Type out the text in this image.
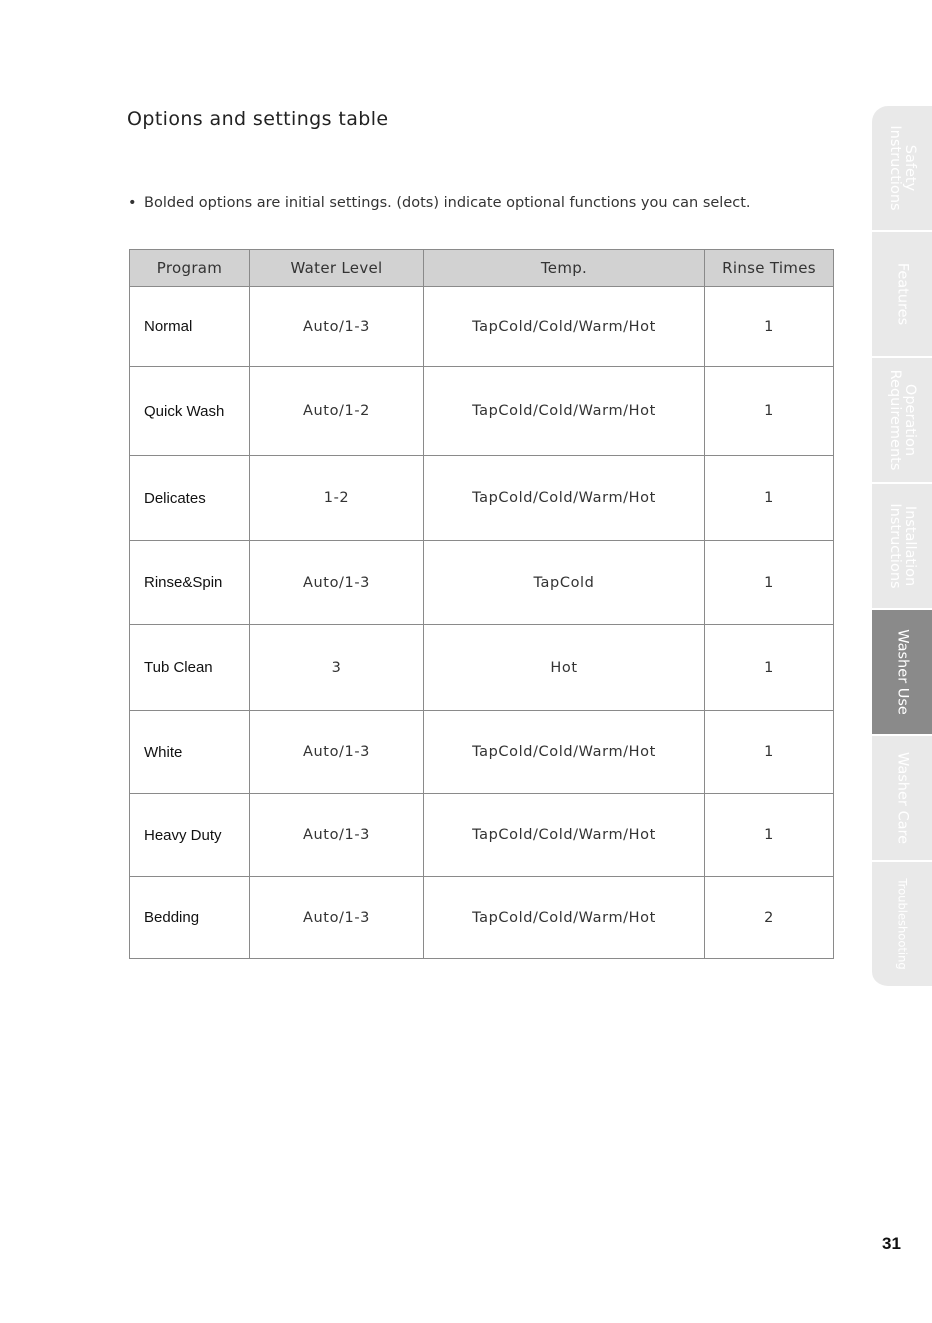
Options and settings table
• Bolded options are initial settings. (dots) indicate optional functions you can select.
Program	Water Level	Temp.	Rinse Times
Normal	Auto/1-3	TapCold/Cold/Warm/Hot	1
Quick Wash	Auto/1-2	TapCold/Cold/Warm/Hot	1
Delicates	1-2	TapCold/Cold/Warm/Hot	1
Rinse&Spin	Auto/1-3	TapCold	1
Tub Clean	3	Hot	1
White	Auto/1-3	TapCold/Cold/Warm/Hot	1
Heavy Duty	Auto/1-3	TapCold/Cold/Warm/Hot	1
Bedding	Auto/1-3	TapCold/Cold/Warm/Hot	2
Safety
Instructions
Features
Operation
Requirements
Installation
Instructions
Washer Use
Washer Care
Troubleshooting
31
